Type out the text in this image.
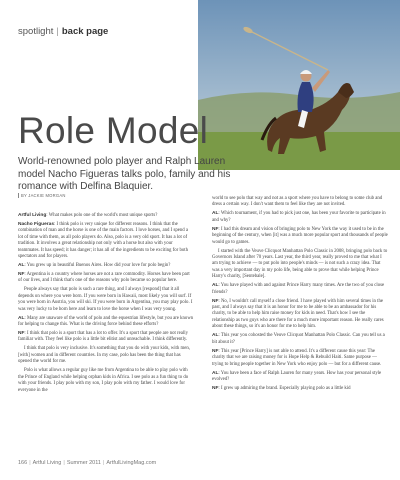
spotlight | back page
Role Model

World-renowned polo player and Ralph Lauren model Nacho Figueras talks polo, family and his romance with Delfina Blaquier.

BY JACKIE MORGAN

Artful Living: What makes polo one of the world's most unique sports?

Nacho Figueras: I think polo is very unique for different reasons. I think that the combination of man and the horse is one of the main factors. I love horses, and I spend a lot of time with them, as all polo players do. Also, polo is a very old sport. It has a lot of tradition. It involves a great relationship not only with a horse but also with your teammates. It has speed; it has danger; it has all of the ingredients to be exciting for both spectators and for players.

AL: You grew up in beautiful Buenos Aires. How did your love for polo begin?

NF: Argentina is a country where horses are not a rare commodity. Horses have been part of our lives, and I think that's one of the reasons why polo became so popular here.

People always say that polo is such a rare thing, and I always [respond] that it all depends on where you were born. If you were born in Hawaii, most likely you will surf. If you were born in Austria, you will ski. If you were born in Argentina, you may play polo. I was very lucky to be born here and learn to love the horse when I was very young.

AL: Many are unaware of the world of polo and the equestrian lifestyle, but you are known for helping to change this. What is the driving force behind these efforts?

NF: I think that polo is a sport that has a lot to offer. It's a sport that people are not really familiar with. They feel like polo is a little bit elitist and unreachable. I think differently.

I think that polo is very inclusive. It's something that you do with your kids, with men, [with] women and in different countries. In my case, polo has been the thing that has opened the world for me.

Polo is what allows a regular guy like me from Argentina to be able to play polo with the Prince of England while helping orphan kids in Africa. I see polo as a fun thing to do with your friends. I play polo with my son, I play polo with my father. I would love for everyone in the

world to see polo that way and not as a sport where you have to belong to some club and dress a certain way. I don't want them to feel like they are not invited.

AL: Which tournament, if you had to pick just one, has been your favorite to participate in and why?

NF: I had this dream and vision of bringing polo to New York the way it used to be in the beginning of the century, when [it] was a much more popular sport and thousands of people would go to games.

I started with the Veuve Clicquot Manhattan Polo Classic in 2008, bringing polo back to Governors Island after 70 years. Last year, the third year, really proved to me that what I am trying to achieve — to put polo into people's minds — is not such a crazy idea. That was a very important day in my polo life, being able to prove that while helping Prince Harry's charity, [Sentebale].

AL: You have played with and against Prince Harry many times. Are the two of you close friends?

NF: No, I wouldn't call myself a close friend. I have played with him several times in the past, and I always say that it is an honor for me to be able to be an ambassador for his charity, to be able to help him raise money for kids in need. That's how I see the relationship as two guys who are there for a much more important reason. He really cares about these things, so it's an honor for me to help him.

AL: This year you cohosted the Veuve Clicquot Manhattan Polo Classic. Can you tell us a bit about it?

NF: This year [Prince Harry] is not able to attend. It's a different cause this year: The charity that we are raising money for is Hope Help & Rebuild Haiti. Same purpose — trying to bring people together in New York who enjoy polo — but for a different cause.

AL: You have been a face of Ralph Lauren for many years. How has your personal style evolved?

NF: I grew up admiring the brand. Especially playing polo as a little kid

166 | Artful Living | Summer 2011 | ArtfulLivingMag.com
